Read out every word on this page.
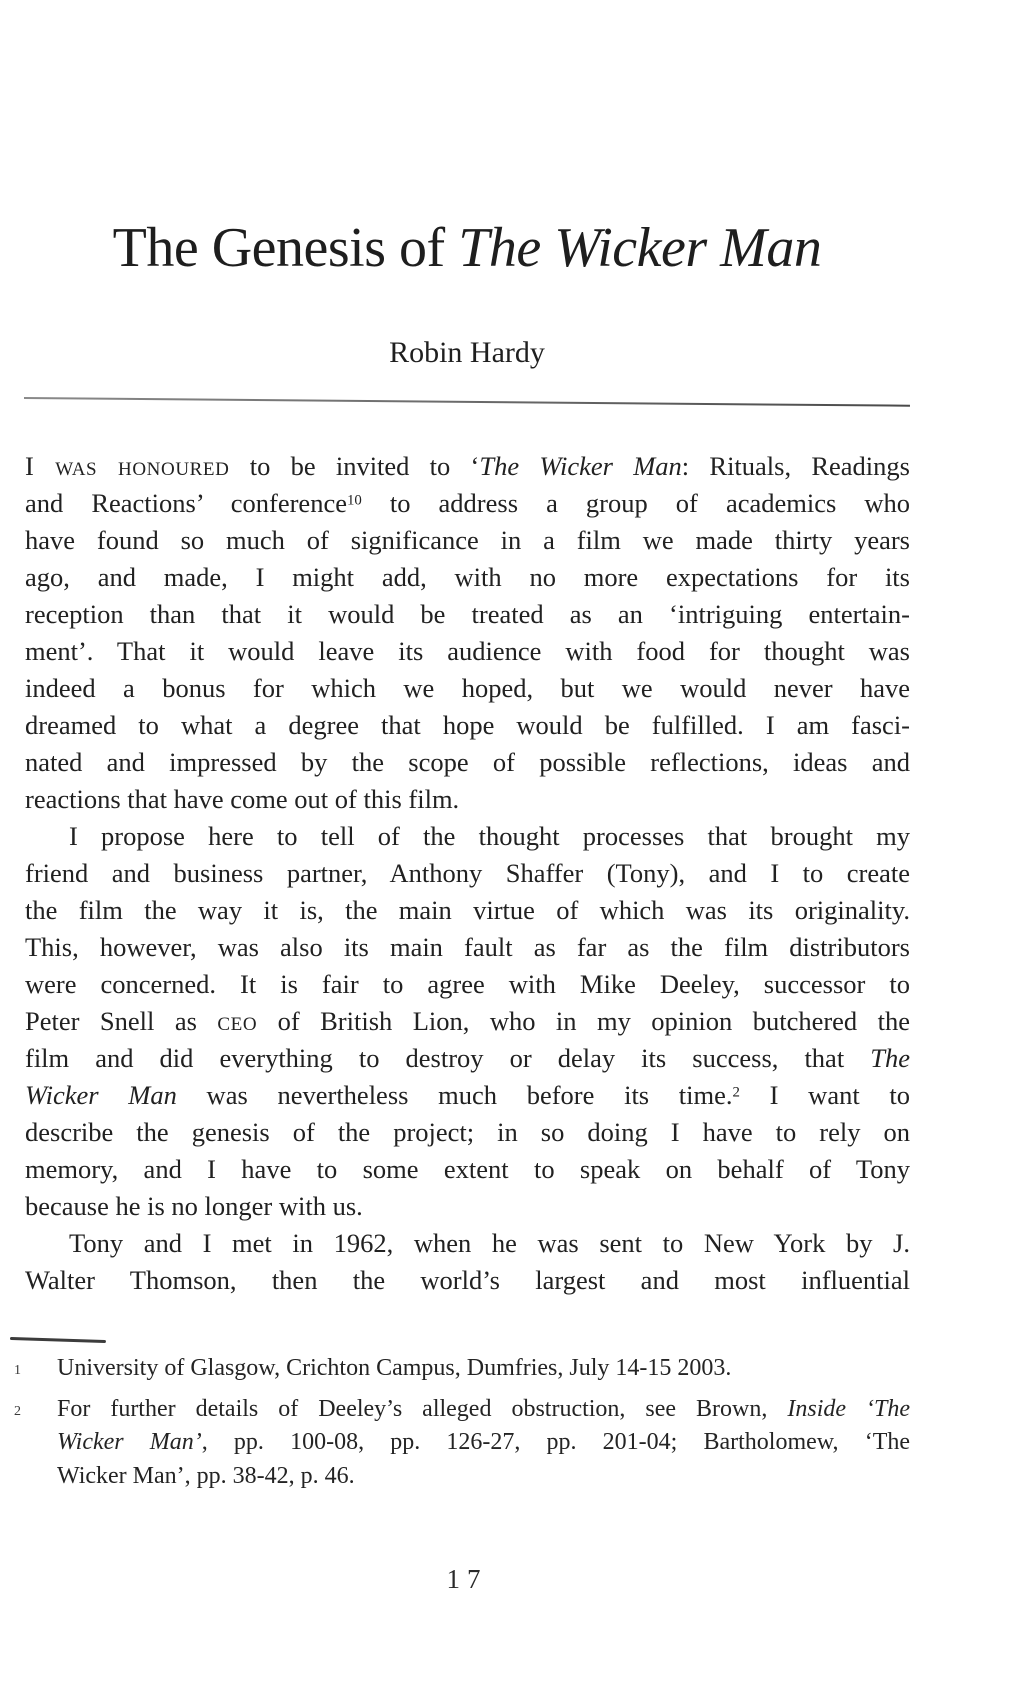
The Genesis of The Wicker Man
Robin Hardy
I was honoured to be invited to ‘The Wicker Man: Rituals, Readings
and Reactions’ conference$^{10}$ to address a group of academics who
have found so much of significance in a film we made thirty years
ago, and made, I might add, with no more expectations for its
reception than that it would be treated as an ‘intriguing entertain-
ment’. That it would leave its audience with food for thought was
indeed a bonus for which we hoped, but we would never have
dreamed to what a degree that hope would be fulfilled. I am fasci-
nated and impressed by the scope of possible reflections, ideas and
reactions that have come out of this film.
I propose here to tell of the thought processes that brought my
friend and business partner, Anthony Shaffer (Tony), and I to create
the film the way it is, the main virtue of which was its originality.
This, however, was also its main fault as far as the film distributors
were concerned. It is fair to agree with Mike Deeley, successor to
Peter Snell as ceo of British Lion, who in my opinion butchered the
film and did everything to destroy or delay its success, that The
Wicker Man was nevertheless much before its time.$^2$ I want to
describe the genesis of the project; in so doing I have to rely on
memory, and I have to some extent to speak on behalf of Tony
because he is no longer with us.
Tony and I met in 1962, when he was sent to New York by J.
Walter Thomson, then the world’s largest and most influential
1	University of Glasgow, Crichton Campus, Dumfries, July 14-15 2003.
2	For further details of Deeley’s alleged obstruction, see Brown, Inside ‘The
Wicker Man’, pp. 100-08, pp. 126-27, pp. 201-04; Bartholomew, ‘The
Wicker Man’, pp. 38-42, p. 46.
17
